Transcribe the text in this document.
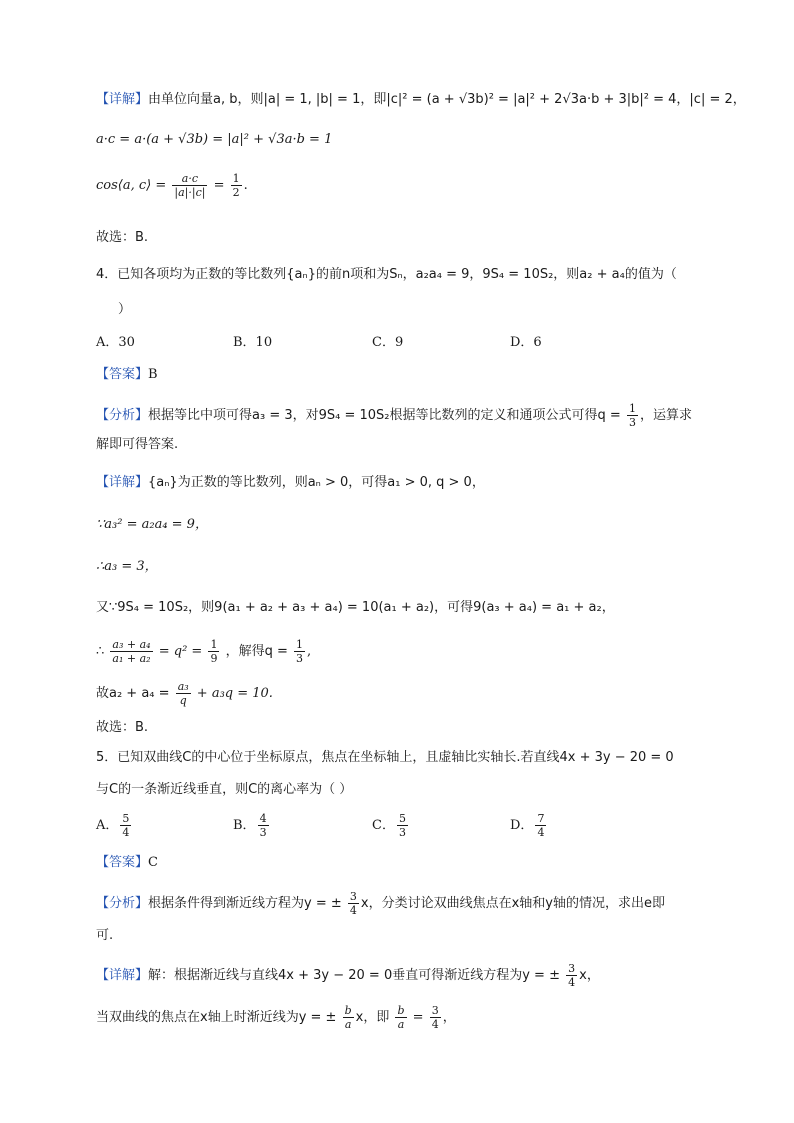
【详解】由单位向量a, b，则|a| = 1, |b| = 1，即|c|² = (a + √3b)² = |a|² + 2√3a·b + 3|b|² = 4，|c| = 2，
a·c = a·(a + √3b) = |a|² + √3a·b = 1
cos⟨a, c⟩ = $\frac{a\cdot c}{|a|\cdot|c|} = \frac{1}{2}$ .
故选：B.
4．已知各项均为正数的等比数列{aₙ}的前n项和为Sₙ，a₂a₄ = 9，9S₄ = 10S₂，则a₂ + a₄的值为（
）
A．30	B．10	C．9	D．6
【答案】B
【分析】根据等比中项可得a₃ = 3，对9S₄ = 10S₂根据等比数列的定义和通项公式可得$q = \frac{1}{3}$ ，运算求
解即可得答案.
【详解】{aₙ}为正数的等比数列，则aₙ > 0，可得a₁ > 0, q > 0，
∵a₃² = a₂a₄ = 9，
∴a₃ = 3，
又∵9S₄ = 10S₂，则9(a₁ + a₂ + a₃ + a₄) = 10(a₁ + a₂)，可得9(a₃ + a₄) = a₁ + a₂，
∴ $\frac{\text{a₃ + a₄}}{\text{a₁ + a₂}} = q^2 = \frac{1}{9}$ ，解得$q = \frac{1}{3}$ ,
故$a_2 + a_4 = \frac{\text{a₃}}{q} + a_3q = 10$.
故选：B.
5．已知双曲线C的中心位于坐标原点，焦点在坐标轴上，且虚轴比实轴长.若直线4x + 3y − 20 = 0
与C的一条渐近线垂直，则C的离心率为（ ）
A． $\frac{5}{4}$	B． $\frac{4}{3}$	C． $\frac{5}{3}$	D． $\frac{7}{4}$
【答案】C
【分析】根据条件得到渐近线方程为y = ± $\frac{3}{4}$ x，分类讨论双曲线焦点在x轴和y轴的情况，求出e即
可.
【详解】解：根据渐近线与直线4x + 3y − 20 = 0垂直可得渐近线方程为y = ± $\frac{3}{4}$ x，
当双曲线的焦点在x轴上时渐近线为y = ± $\frac{b}{a}$ x，即 $\frac{b}{a} = \frac{3}{4}$ ，
